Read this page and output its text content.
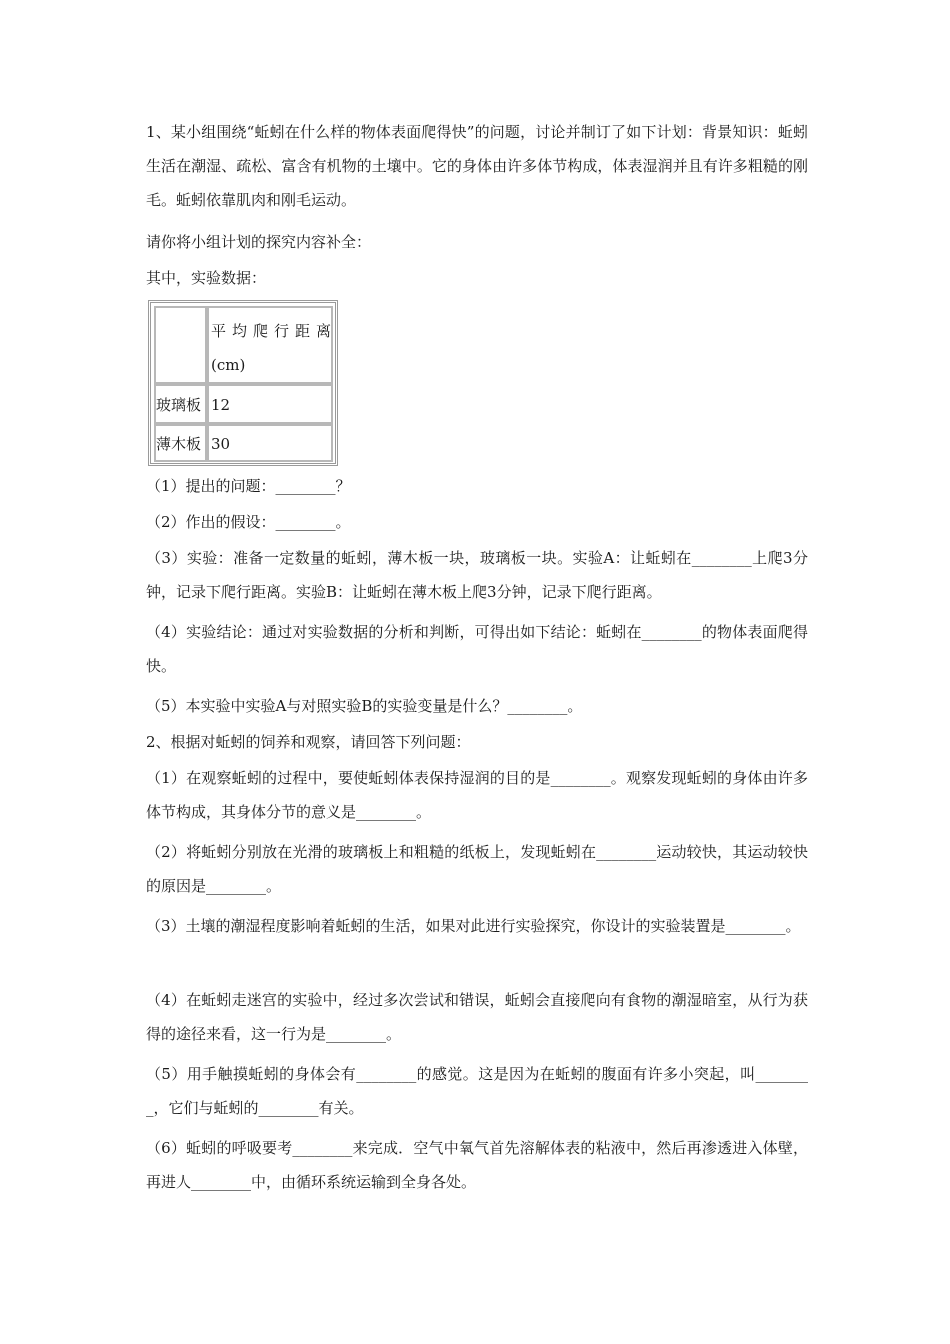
1、某小组围绕“蚯蚓在什么样的物体表面爬得快”的问题，讨论并制订了如下计划：背景知识：蚯蚓生活在潮湿、疏松、富含有机物的土壤中。它的身体由许多体节构成，体表湿润并且有许多粗糙的刚毛。蚯蚓依靠肌肉和刚毛运动。

请你将小组计划的探究内容补全：

其中，实验数据：

平均爬行距离
(cm)
玻璃板 12
薄木板 30

（1）提出的问题：________？

（2）作出的假设：________。

（3）实验：准备一定数量的蚯蚓，薄木板一块，玻璃板一块。实验A：让蚯蚓在________上爬3分钟，记录下爬行距离。实验B：让蚯蚓在薄木板上爬3分钟，记录下爬行距离。

（4）实验结论：通过对实验数据的分析和判断，可得出如下结论：蚯蚓在________的物体表面爬得快。

（5）本实验中实验A与对照实验B的实验变量是什么？________。

2、根据对蚯蚓的饲养和观察，请回答下列问题：

（1）在观察蚯蚓的过程中，要使蚯蚓体表保持湿润的目的是________。观察发现蚯蚓的身体由许多体节构成，其身体分节的意义是________。

（2）将蚯蚓分别放在光滑的玻璃板上和粗糙的纸板上，发现蚯蚓在________运动较快，其运动较快的原因是________。

（3）土壤的潮湿程度影响着蚯蚓的生活，如果对此进行实验探究，你设计的实验装置是________。

（4）在蚯蚓走迷宫的实验中，经过多次尝试和错误，蚯蚓会直接爬向有食物的潮湿暗室，从行为获得的途径来看，这一行为是________。

（5）用手触摸蚯蚓的身体会有________的感觉。这是因为在蚯蚓的腹面有许多小突起，叫________，它们与蚯蚓的________有关。

（6）蚯蚓的呼吸要考________来完成．空气中氧气首先溶解体表的粘液中，然后再渗透进入体壁，再进人________中，由循环系统运输到全身各处。
